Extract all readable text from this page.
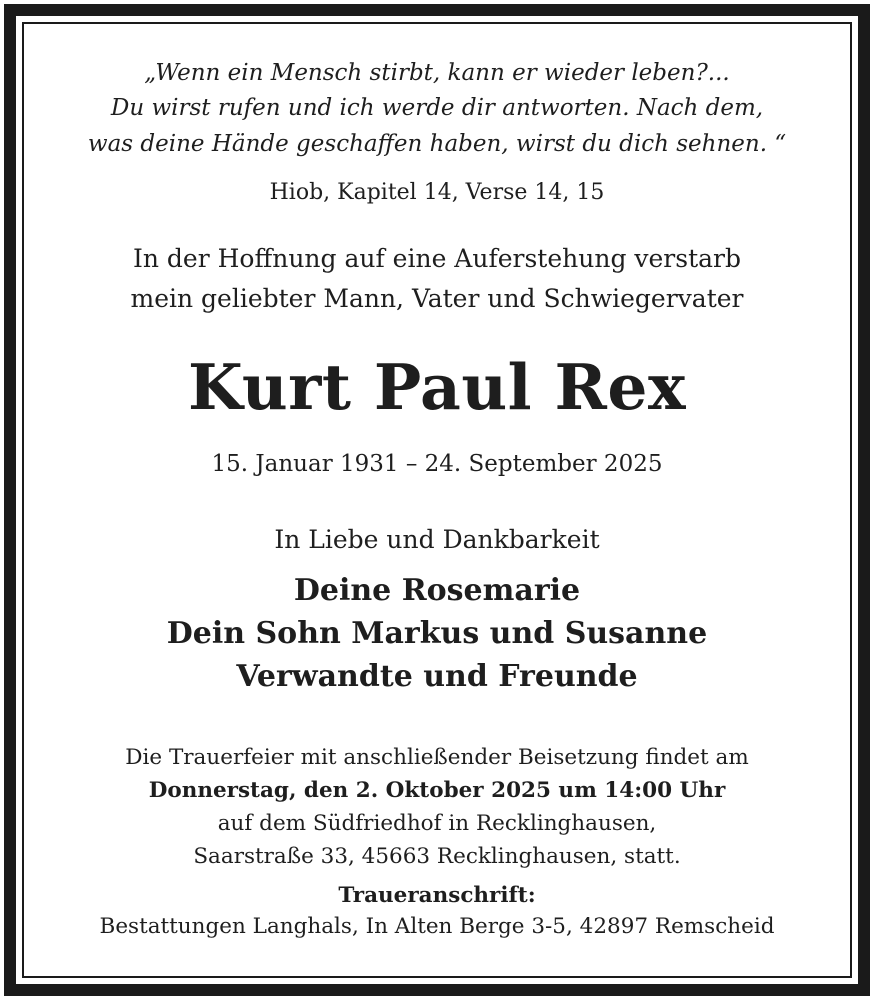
„Wenn ein Mensch stirbt, kann er wieder leben?...
Du wirst rufen und ich werde dir antworten. Nach dem,
was deine Hände geschaffen haben, wirst du dich sehnen. “
Hiob, Kapitel 14, Verse 14, 15
In der Hoffnung auf eine Auferstehung verstarb
mein geliebter Mann, Vater und Schwiegervater
Kurt Paul Rex
15. Januar 1931 – 24. September 2025
In Liebe und Dankbarkeit
Deine Rosemarie
Dein Sohn Markus und Susanne
Verwandte und Freunde
Die Trauerfeier mit anschließender Beisetzung findet am
Donnerstag, den 2. Oktober 2025 um 14:00 Uhr
auf dem Südfriedhof in Recklinghausen,
Saarstraße 33, 45663 Recklinghausen, statt.
Traueranschrift:
Bestattungen Langhals, In Alten Berge 3-5, 42897 Remscheid
